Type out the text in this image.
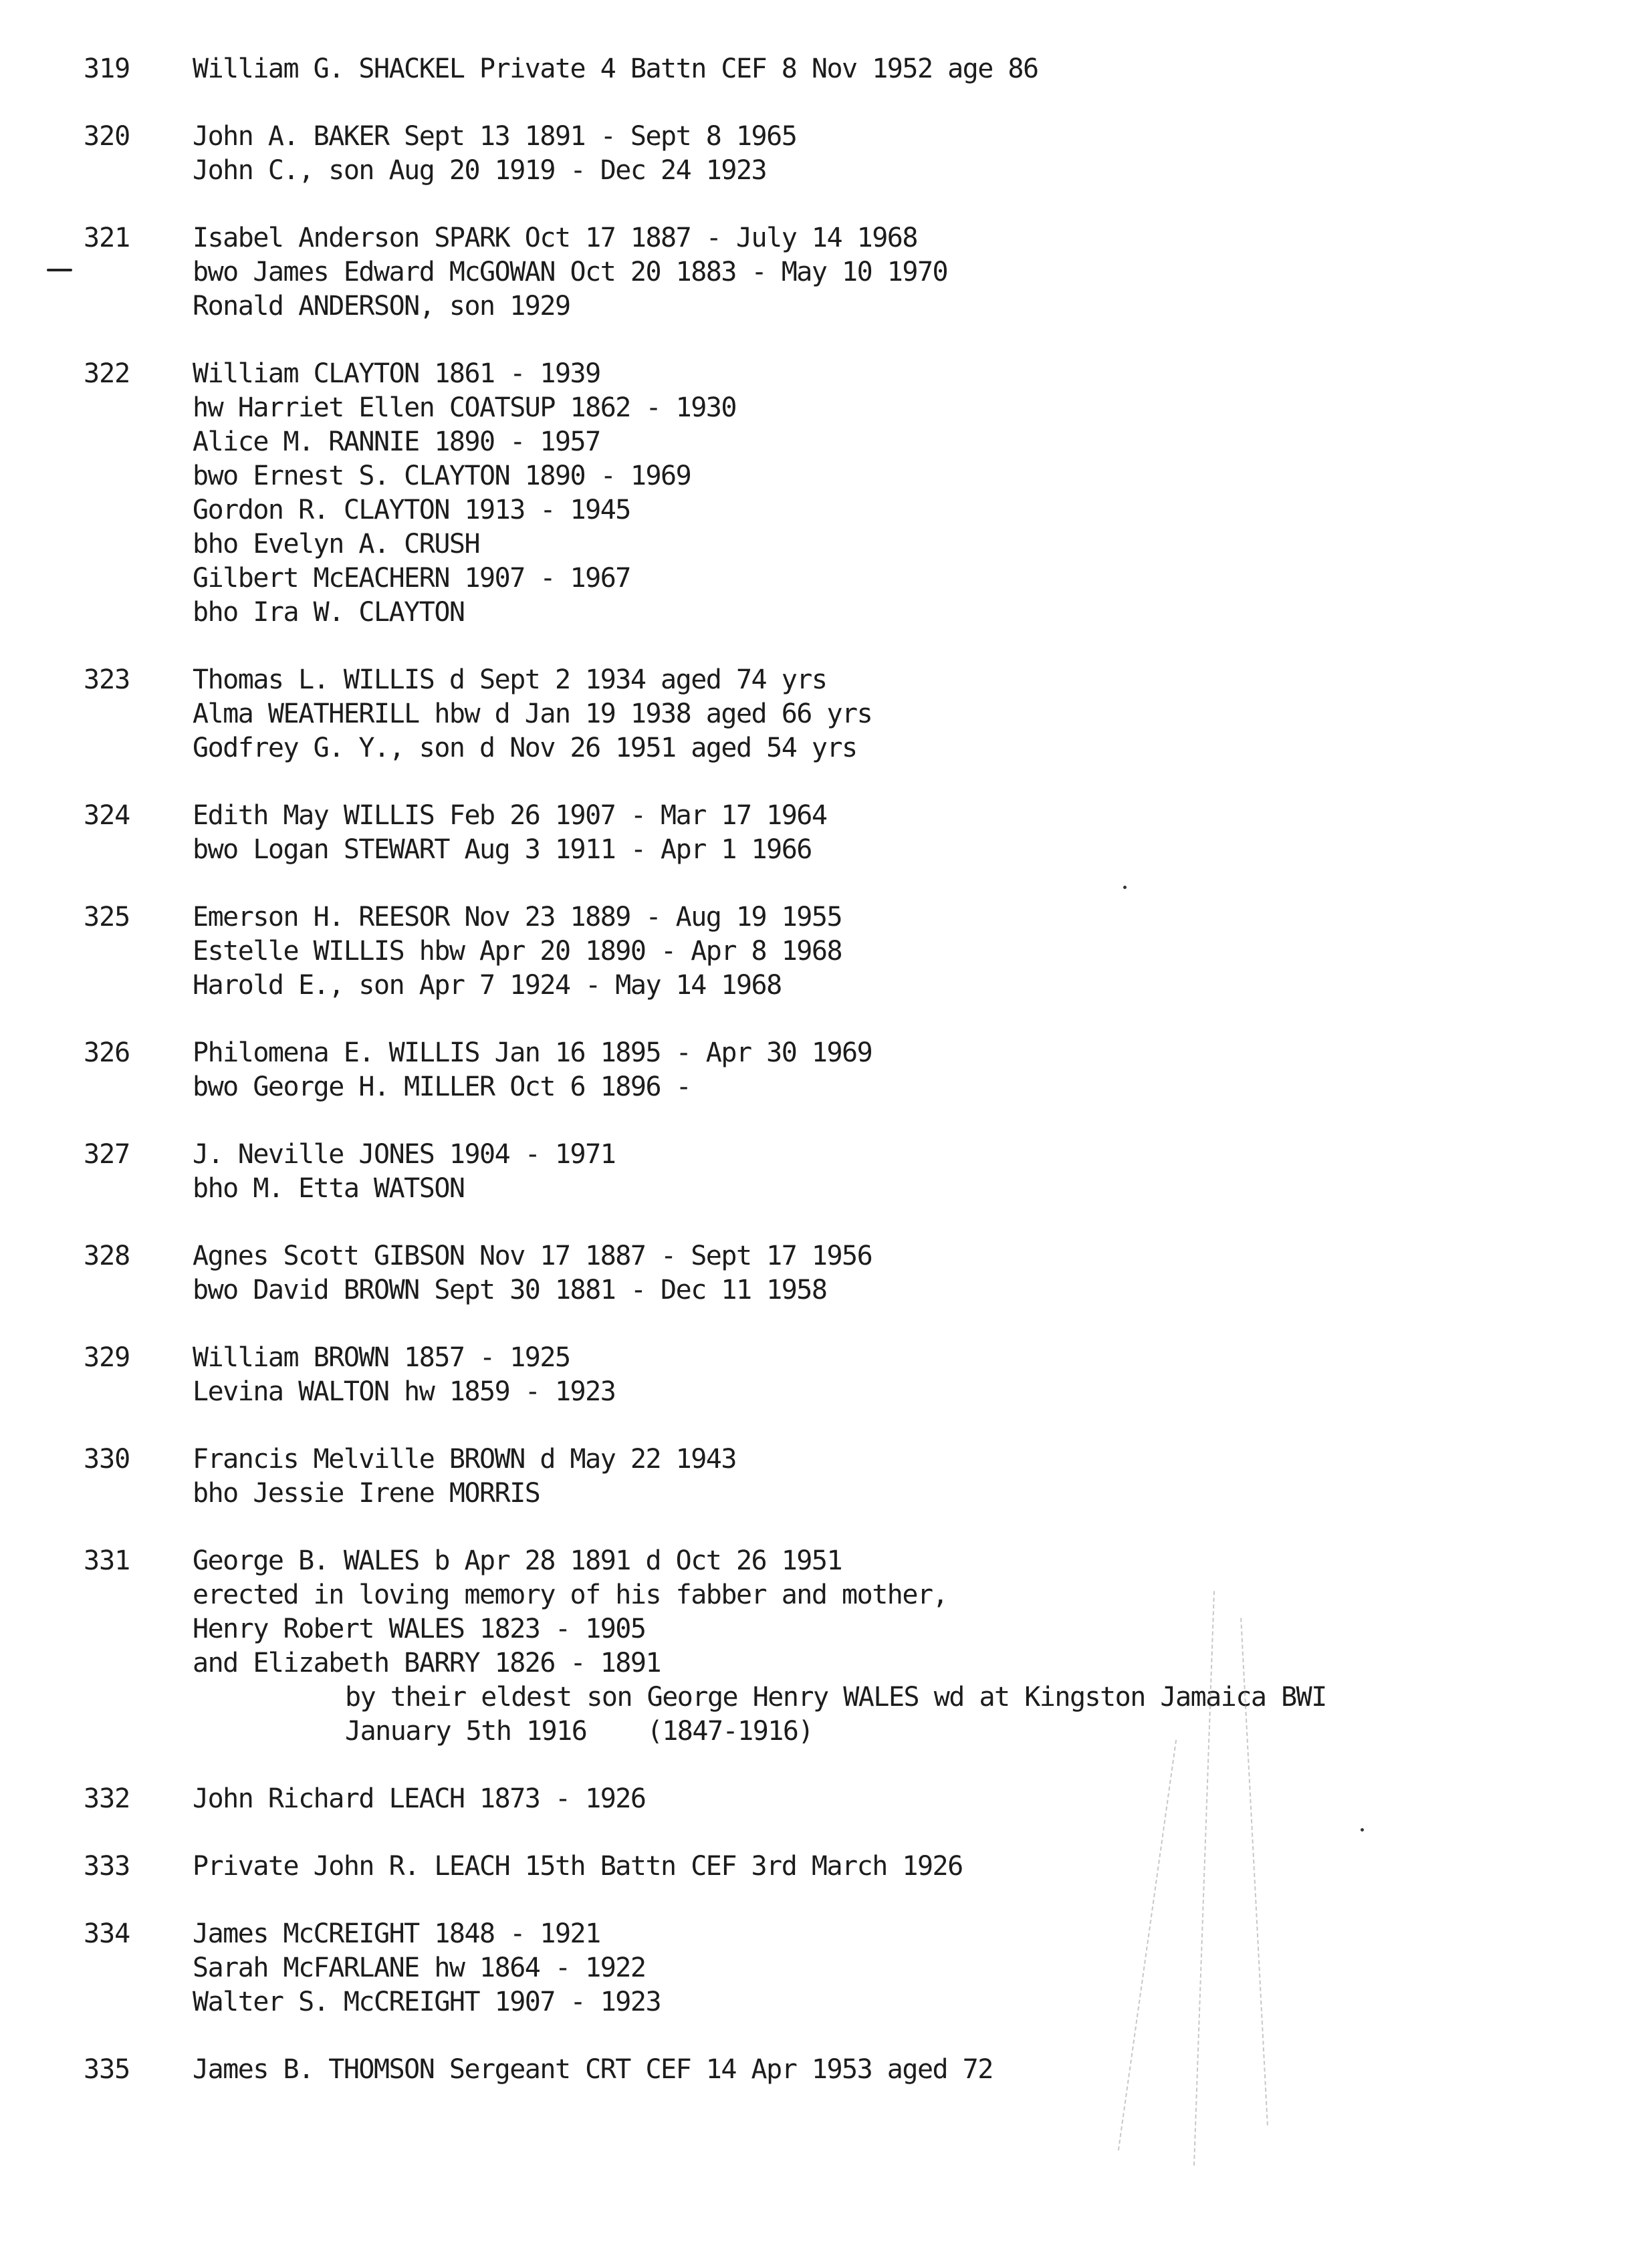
319	William G. SHACKEL Private 4 Battn CEF 8 Nov 1952 age 86
320	John A. BAKER Sept 13 1891 - Sept 8 1965
John C., son Aug 20 1919 - Dec 24 1923
321	Isabel Anderson SPARK Oct 17 1887 - July 14 1968
bwo James Edward McGOWAN Oct 20 1883 - May 10 1970
Ronald ANDERSON, son 1929
322	William CLAYTON 1861 - 1939
hw Harriet Ellen COATSUP 1862 - 1930
Alice M. RANNIE 1890 - 1957
bwo Ernest S. CLAYTON 1890 - 1969
Gordon R. CLAYTON 1913 - 1945
bho Evelyn A. CRUSH
Gilbert McEACHERN 1907 - 1967
bho Ira W. CLAYTON
323	Thomas L. WILLIS d Sept 2 1934 aged 74 yrs
Alma WEATHERILL hbw d Jan 19 1938 aged 66 yrs
Godfrey G. Y., son d Nov 26 1951 aged 54 yrs
324	Edith May WILLIS Feb 26 1907 - Mar 17 1964
bwo Logan STEWART Aug 3 1911 - Apr 1 1966
325	Emerson H. REESOR Nov 23 1889 - Aug 19 1955
Estelle WILLIS hbw Apr 20 1890 - Apr 8 1968
Harold E., son Apr 7 1924 - May 14 1968
326	Philomena E. WILLIS Jan 16 1895 - Apr 30 1969
bwo George H. MILLER Oct 6 1896 -
327	J. Neville JONES 1904 - 1971
bho M. Etta WATSON
328	Agnes Scott GIBSON Nov 17 1887 - Sept 17 1956
bwo David BROWN Sept 30 1881 - Dec 11 1958
329	William BROWN 1857 - 1925
Levina WALTON hw 1859 - 1923
330	Francis Melville BROWN d May 22 1943
bho Jessie Irene MORRIS
331	George B. WALES b Apr 28 1891 d Oct 26 1951
erected in loving memory of his fabber and mother,
Henry Robert WALES 1823 - 1905
and Elizabeth BARRY 1826 - 1891
by their eldest son George Henry WALES wd at Kingston Jamaica BWI
January 5th 1916    (1847-1916)
332	John Richard LEACH 1873 - 1926
333	Private John R. LEACH 15th Battn CEF 3rd March 1926
334	James McCREIGHT 1848 - 1921
Sarah McFARLANE hw 1864 - 1922
Walter S. McCREIGHT 1907 - 1923
335	James B. THOMSON Sergeant CRT CEF 14 Apr 1953 aged 72
